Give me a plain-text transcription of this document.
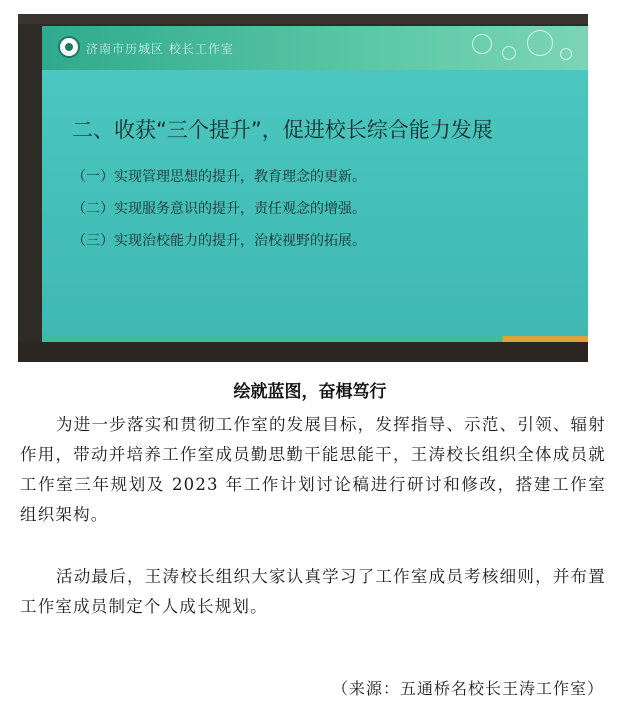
济南市历城区 校长工作室
二、收获“三个提升”，促进校长综合能力发展
（一）实现管理思想的提升，教育理念的更新。
（二）实现服务意识的提升，责任观念的增强。
（三）实现治校能力的提升，治校视野的拓展。
绘就蓝图，奋楫笃行

为进一步落实和贯彻工作室的发展目标，发挥指导、示范、引领、辐射作用，带动并培养工作室成员勤思勤干能思能干，王涛校长组织全体成员就工作室三年规划及 2023 年工作计划讨论稿进行研讨和修改，搭建工作室组织架构。

活动最后，王涛校长组织大家认真学习了工作室成员考核细则，并布置工作室成员制定个人成长规划。

（来源：五通桥名校长王涛工作室）
